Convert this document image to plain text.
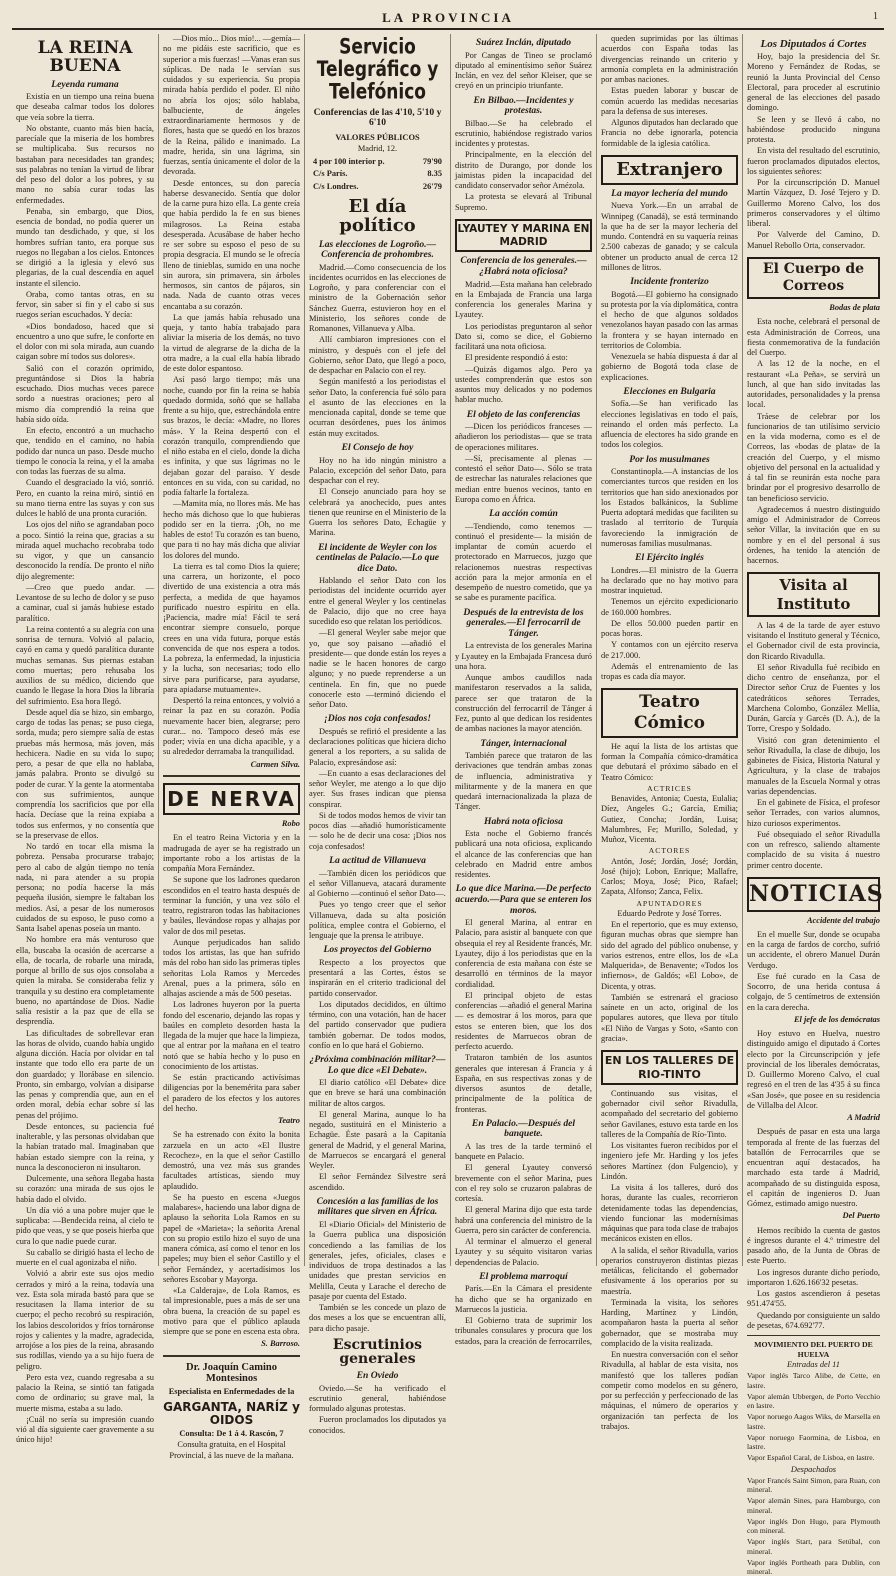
LA PROVINCIA	1
LA REINA BUENA
Leyenda rumana

Existía en un tiempo una reina buena que deseaba calmar todos los dolores que veía sobre la tierra.

No obstante, cuanto más bien hacía, parecíale que la miseria de los hombres se multiplicaba. Sus recursos no bastaban para necesidades tan grandes; sus palabras no tenían la virtud de librar del peso del dolor a los pobres, y su mano no sabía curar todas las enfermedades.

Penaba, sin embargo, que Dios, esencia de bondad, no podía querer un mundo tan desdichado, y que, si los hombres sufrían tanto, era porque sus ruegos no llegaban a los cielos. Entonces se dirigió a la iglesia y elevó sus plegarias, de la cual descendía en aquel instante el silencio.

Oraba, como tantas otras, en su fervor, sin saber si fin y el cabo si sus ruegos serían escuchados. Y decía:

«Dios bondadoso, haced que si encuentro a uno que sufre, le conforte en el dolor con mi sola mirada, aun cuando caigan sobre mí todos sus dolores».

Salió con el corazón oprimido, preguntándose si Dios la habría escuchado. Dios muchas veces parece sordo a nuestras oraciones; pero al mismo día comprendió la reina que había sido oída.

En efecto, encontró a un muchacho que, tendido en el camino, no había podido dar nunca un paso. Desde mucho tiempo le conocía la reina, y el la amaba con todas las fuerzas de su alma.

Cuando el desgraciado la vió, sonrió. Pero, en cuanto la reina miró, sintió en su mano tierna entre las suyas y con sus dulces le habló de una pronta curación.

Los ojos del niño se agrandaban poco a poco. Sintió la reina que, gracias a su mirada aquel muchacho recobraba todo su vigor, y que un cansancio desconocido la rendía. De pronto el niño dijo alegremente:

—Creo que puedo andar. —Levantose de su lecho de dolor y se puso a caminar, cual si jamás hubiese estado paralítico.

La reina contentó a su alegría con una sonrisa de ternura. Volvió al palacio, cayó en cama y quedó paralítica durante muchas semanas. Sus piernas estaban como muertas; pero rehusaba los auxilios de su médico, diciendo que cuando le llegase la hora Dios la libraría del sufrimiento. Esa hora llegó.

Desde aquel día se hizo, sin embargo, cargo de todas las penas; se puso ciega, sorda, muda; pero siempre salía de estas pruebas más hermosa, más joven, más hechicera. Nadie en su vida lo supo; pero, a pesar de que ella no hablaba, jamás palabra. Pronto se divulgó su poder de curar. Y la gente la atormentaba con sus sufrimientos, aunque comprendía los sacrificios que por ella hacía. Decíase que la reina expiaba a todos sus enfermos, y no consentía que se la preservase de ellos.

No tardó en tocar ella misma la pobreza. Pensaba procurarse trabajo; pero al cabo de algún tiempo no tenía nada, ni para atender a su propia persona; no podía hacerse la más pequeña ilusión, siempre le faltaban los medios. Así, a pesar de los numerosos cuidados de su esposo, le puso como a Santa Isabel apenas poseía un manto.

No hombre era más venturoso que ella, buscaba la ocasión de acercarse a ella, de tocarla, de robarle una mirada, porque al brillo de sus ojos consolaba a quien la miraba. Se consideraba feliz y tranquila y su destino era completamente bueno, no apartándose de Dios. Nadie salía resistir a la paz que de ella se desprendía.

Las dificultades de sobrellevar eran las horas de olvido, cuando había ungido alguna dicción. Hacía por olvidar en tal instante que todo ello era parte de un don guardado; y llorábase en silencio. Pronto, sin embargo, volvían a disiparse las penas y comprendía que, aun en el orden moral, debía echar sobre sí las penas del prójimo.

Desde entonces, su paciencia fué inalterable, y las personas olvidaban que la habían tratado mal. Imaginaban que habían estado siempre con la reina, y nunca la desconocieron ni insultaron.

Dulcemente, una señora llegaba hasta su corazón: una mirada de sus ojos le había dado el olvido.

Un día vió a una pobre mujer que le suplicaba: —Bendecida reina, al cielo te pido que veas, y se que poseis hierba que cura lo que nadie puede curar.

Su caballo se dirigió hasta el lecho de muerte en el cual agonizaba el niño.

Volvió a abrir este sus ojos medio cerrados y miró a la reina, todavía una vez. Esta sola mirada bastó para que se resucitasen la llama interior de su cuerpo; el pecho recobró su respiración, los labios descoloridos y fríos tornáronse rojos y calientes y la madre, agradecida, arrojóse a los pies de la reina, abrasando sus rodillas, viendo ya a su hijo fuera de peligro.

Pero esta vez, cuando regresaba a su palacio la Reina, se sintió tan fatigada como de ordinario; su grave mal, la muerte misma, estaba a su lado.

¡Cuál no sería su impresión cuando vió al día siguiente caer gravemente a su único hijo!

—Dios mío... Dios mío!... —gemía— no me pidáis este sacrificio, que es superior a mis fuerzas! —Vanas eran sus súplicas. De nada le servían sus cuidados y su experiencia. Su propia mirada había perdido el poder. El niño no abría los ojos; sólo hablaba, balbuciente, de ángeles extraordinariamente hermosos y de flores, hasta que se quedó en los brazos de la Reina, pálido e inanimado. La madre, herida, sin una lágrima, sin fuerzas, sentía únicamente el dolor de la devorada.

Desde entonces, su don parecía haberse desvanecido. Sentía que dolor de la carne pura hizo ella. La gente creía que había perdido la fe en sus bienes milagrosos. La Reina estaba desesperada. Acusábase de haber hecho re ser sobre su esposo el peso de su propia desgracia. El mundo se le ofrecía lleno de tinieblas, sumido en una noche sin aurora, sin primavera, sin árboles hermosos, sin cantos de pájaros, sin nada. Nada de cuanto otras veces encantaba a su corazón.

La que jamás había rehusado una queja, y tanto había trabajado para aliviar la miseria de los demás, no tuvo la virtud de alegrarse de la dicha de la otra madre, a la cual ella había librado de este dolor espantoso.

Así pasó largo tiempo; más una noche, cuando por fin la reina se había quedado dormida, soñó que se hallaba frente a su hijo, que, estrechándola entre sus brazos, le decía: «Madre, no llores más». Y la Reina despertó con el corazón tranquilo, comprendiendo que el niño estaba en el cielo, donde la dicha es infinita, y que sus lágrimas no le dejaban gozar del paraíso. Y desde entonces en su vida, con su caridad, no podía faltarle la fortaleza.

—Mamita mía, no llores más. Me has hecho más dichoso que lo que hubieras podido ser en la tierra. ¡Oh, no me hables de esto! Tu corazón es tan bueno, que para ti no hay más dicha que aliviar los dolores del mundo.

La tierra es tal como Dios la quiere; una carrera, un horizonte, el poco divertido de una existencia a otra más perfecta, a medida de que hayamos purificado nuestro espíritu en ella. ¡Paciencia, madre mía! Fácil te será encontrar siempre consuelo, porque crees en una vida futura, porque estás convencida de que nos espera a todos. La pobreza, la enfermedad, la injusticia y la lucha, son necesarias; todo ello sirve para purificarse, para ayudarse, para apiadarse mutuamente».

Despertó la reina entonces, y volvió a reinar la paz en su corazón. Podía nuevamente hacer bien, alegrarse; pero curar... no. Tampoco deseó más ese poder; vivía en una dicha apacible, y a su alrededor derramaba la tranquilidad.

Carmen Silva.

DE NERVA

Robo

En el teatro Reina Victoria y en la madrugada de ayer se ha registrado un importante robo a los artistas de la compañía Mora Fernández.

Se supone que los ladrones quedaron escondidos en el teatro hasta después de terminar la función, y una vez sólo el teatro, registraron todas las habitaciones y baúles, llevándose ropas y alhajas por valor de dos mil pesetas.

Aunque perjudicados han salido todos los artistas, las que han sufrido más del robo han sido las primeras tiples señoritas Lola Ramos y Mercedes Arenal, pues a la primera, sólo en alhajas asciende a más de 500 pesetas.

Los ladrones huyeron por la puerta fondo del escenario, dejando las ropas y baúles en completo desorden hasta la llegada de la mujer que hace la limpieza, que al entrar por la mañana en el teatro notó que se había hecho y lo puso en conocimiento de los artistas.

Se están practicando activísimas diligencias por la benemérita para saber el paradero de los efectos y los autores del hecho.

Teatro

Se ha estrenado con éxito la bonita zarzuela en un acto «El Ilustre Recochez», en la que el señor Castillo demostró, una vez más sus grandes facultades artísticas, siendo muy aplaudido.

Se ha puesto en escena «Juegos malabares», haciendo una labor digna de aplauso la señorita Lola Ramos en su papel de «Marieta»; la señorita Arenal con su propio estilo hizo el suyo de una manera cómica, así como el tenor en los papeles; muy bien el señor Castillo y el señor Fernández, y acertadísimos los señores Escobar y Mayorga.

«La Calderaja», de Lola Ramos, es tal impresionable, pues a más de ser una obra buena, la creación de su papel es motivo para que el público aplauda siempre que se pone en escena esta obra.

S. Barroso.

Dr. Joaquín Camino Montesinos

Especialista en Enfermedades de la

GARGANTA, NARÍZ y OIDOS

Consulta: De 1 á 4. Rascón, 7

Consulta gratuita, en el Hospital Provincial, á las nueve de la mañana.

Servicio Telegráfico y Telefónico
Conferencias de las 4'10, 5'10 y 6'10
VALORES PÚBLICOS

Madrid, 12.

4 por 100 interior p.	79'90
C/s París.	8.35
C/s Londres.	26'79
El día político
Las elecciones de Logroño.—Conferencia de prohombres.

Madrid.—Como consecuencia de los incidentes ocurridos en las elecciones de Logroño, y para conferenciar con el ministro de la Gobernación señor Sánchez Guerra, estuvieron hoy en el Ministerio, los señores conde de Romanones, Villanueva y Alba.

Allí cambiaron impresiones con el ministro, y después con el jefe del Gobierno, señor Dato, que llegó a poco, de despachar en Palacio con el rey.

Según manifestó a los periodistas el señor Dato, la conferencia fué sólo para el asunto de las elecciones en la mencionada capital, donde se teme que ocurran desórdenes, pues los ánimos están muy excitados.

El Consejo de hoy

Hoy no ha ido ningún ministro a Palacio, excepción del señor Dato, para despachar con el rey.

El Consejo anunciado para hoy se celebrará ya anochecido, pues antes tienen que reunirse en el Ministerio de la Guerra los señores Dato, Echagüe y Marina.

El incidente de Weyler con los centinelas de Palacio.—Lo que dice Dato.

Hablando el señor Dato con los periodistas del incidente ocurrido ayer entre el general Weyler y los centinelas de Palacio, dijo que no cree haya sucedido eso que relatan los periódicos.

—El general Weyler sabe mejor que yo, que soy paisano —añadió el presidente— que donde están los reyes a nadie se le hacen honores de cargo alguno; y no puede reprenderse a un centinela. En fin, que no puede conocerle esto —terminó diciendo el señor Dato.

¡Dios nos coja confesados!

Después se refirió el presidente a las declaraciones políticas que hiciera dicho general a los reporters, a su salida de Palacio, expresándose así:

—En cuanto a esas declaraciones del señor Weyler, me atengo a lo que dijo ayer. Sus frases indican que piensa conspirar.

Si de todos modos hemos de vivir tan pocos días —añadió humorísticamente— solo he de decir una cosa: ¡Dios nos coja confesados!

La actitud de Villanueva

—También dicen los periódicos que el señor Villanueva, atacará duramente al Gobierno —continuó el señor Dato—.

Pues yo tengo creer que el señor Villanueva, dada su alta posición política, emplee contra el Gobierno, el lenguaje que la prensa le atribuye.

Los proyectos del Gobierno

Respecto a los proyectos que presentará a las Cortes, éstos se inspirarán en el criterio tradicional del partido conservador.

Los diputados decididos, en último término, con una votación, han de hacer del partido conservador que pudiera también gobernar. De todos modos, confío en lo que hará el Gobierno.

¿Próxima combinación militar?—Lo que dice «El Debate».

El diario católico «El Debate» dice que en breve se hará una combinación militar de altos cargos.

El general Marina, aunque lo ha negado, sustituirá en el Ministerio a Echagüe. Éste pasará a la Capitanía general de Madrid, y el general Marina, de Marruecos se encargará el general Weyler.

El señor Fernández Silvestre será ascendido.

Concesión a las familias de los militares que sirven en África.

El «Diario Oficial» del Ministerio de la Guerra publica una disposición concediendo a las familias de los generales, jefes, oficiales, clases e individuos de tropa destinados a las unidades que prestan servicios en Melilla, Ceuta y Larache el derecho de pasaje por cuenta del Estado.

También se les concede un plazo de dos meses a los que se encuentran allí, para dicho pasaje.

Escrutinios generales
En Oviedo

Oviedo.—Se ha verificado el escrutinio general, habiéndose formulado algunas protestas.

Fueron proclamados los diputados ya conocidos.

Suárez Inclán, diputado

Por Cangas de Tineo se proclamó diputado al eminentísimo señor Suárez Inclán, en vez del señor Kleiser, que se creyó en un principio triunfante.

En Bilbao.—Incidentes y protestas.

Bilbao.—Se ha celebrado el escrutinio, habiéndose registrado varios incidentes y protestas.

Principalmente, en la elección del distrito de Durango, por donde los jaimistas piden la incapacidad del candidato conservador señor Amézola.

La protesta se elevará al Tribunal Supremo.

LYAUTEY Y MARINA EN MADRID
Conferencia de los generales.—¿Habrá nota oficiosa?

Madrid.—Esta mañana han celebrado en la Embajada de Francia una larga conferencia los generales Marina y Lyautey.

Los periodistas preguntaron al señor Dato si, como se dice, el Gobierno facilitará una nota oficiosa.

El presidente respondió á esto:

—Quizás digamos algo. Pero ya ustedes comprenderán que estos son asuntos muy delicados y no podemos hablar mucho.

El objeto de las conferencias

—Dicen los periódicos franceses —añadieron los periodistas— que se trata de operaciones militares.

—Sí, precisamente al plenas —contestó el señor Dato—. Sólo se trata de estrechar las naturales relaciones que median entre buenos vecinos, tanto en Europa como en África.

La acción común

—Tendiendo, como tenemos —continuó el presidente— la misión de implantar de común acuerdo el protectorado en Marruecos, juzgo que relacionemos nuestras respectivas acción para la mejor armonía en el desempeño de nuestro cometido, que ya se sabe es puramente pacífica.

Después de la entrevista de los generales.—El ferrocarril de Tánger.

La entrevista de los generales Marina y Lyautey en la Embajada Francesa duró una hora.

Aunque ambos caudillos nada manifestaron reservados a la salida, parece ser que trataron de la construcción del ferrocarril de Tánger á Fez, punto al que dedican los residentes de ambas naciones la mayor atención.

Tánger, internacional

También parece que trataron de las derivaciones que tendrán ambas zonas de influencia, administrativa y militarmente y de la manera en que quedará internacionalizada la plaza de Tánger.

Habrá nota oficiosa

Esta noche el Gobierno francés publicará una nota oficiosa, explicando el alcance de las conferencias que han celebrado en Madrid entre ambos residentes.

Lo que dice Marina.—De perfecto acuerdo.—Para que se enteren los moros.

El general Marina, al entrar en Palacio, para asistir al banquete con que obsequia el rey al Residente francés, Mr. Lyautey, dijo á los periodistas que en la conferencia de esta mañana con éste se desarrolló en términos de la mayor cordialidad.

El principal objeto de estas conferencias —añadió el general Marina— es demostrar á los moros, para que estos se enteren bien, que los dos residentes de Marruecos obran de perfecto acuerdo.

Trataron también de los asuntos generales que interesan á Francia y á España, en sus respectivas zonas y de diversos asuntos de detalle, principalmente de la política de fronteras.

En Palacio.—Después del banquete.

A las tres de la tarde terminó el banquete en Palacio.

El general Lyautey conversó brevemente con el señor Marina, pues con el rey solo se cruzaron palabras de cortesía.

El general Marina dijo que esta tarde habrá una conferencia del ministro de la Guerra, pero sin carácter de conferencia.

Al terminar el almuerzo el general Lyautey y su séquito visitaron varias dependencias de Palacio.

El problema marroquí

París.—En la Cámara el presidente ha dicho que se ha organizado en Marruecos la justicia.

El Gobierno trata de suprimir los tribunales consulares y procura que los estados, para la creación de ferrocarriles,

queden suprimidas por las últimas acuerdos con España todas las divergencias reinando un criterio y armonía completa en la administración por ambas naciones.

Estas pueden laborar y buscar de común acuerdo las medidas necesarias para la defensa de sus intereses.

Algunos diputados han declarado que Francia no debe ignorarla, potencia formidable de la iglesia católica.

Extranjero
La mayor lechería del mundo

Nueva York.—En un arrabal de Winnipeg (Canadá), se está terminando la que ha de ser la mayor lechería del mundo. Contendrá en su vaquería reinas 2.500 cabezas de ganado; y se calcula obtener un producto anual de cerca 12 millones de litros.

Incidente fronterizo

Bogotá.—El gobierno ha consignado su protesta por la vía diplomática, contra el hecho de que algunos soldados venezolanos hayan pasado con las armas la frontera y se hayan internado en territorios de Colombia.

Venezuela se había dispuesta á dar al gobierno de Bogotá toda clase de explicaciones.

Elecciones en Bulgaria

Sofía.—Se han verificado las elecciones legislativas en todo el país, reinando el orden más perfecto. La afluencia de electores ha sido grande en todos los colegios.

Por los musulmanes

Constantinopla.—A instancias de los comerciantes turcos que residen en los territorios que han sido anexionados por los Estados balkánicos, la Sublime Puerta adoptará medidas que faciliten su traslado al territorio de Turquía favoreciendo la inmigración de numerosas familias musulmanas.

El Ejército inglés

Londres.—El ministro de la Guerra ha declarado que no hay motivo para mostrar inquietud.

Tenemos un ejército expedicionario de 160.000 hombres.

De ellos 50.000 pueden partir en pocas horas.

Y contamos con un ejército reserva de 217.000.

Además el entrenamiento de las tropas es cada día mayor.

Teatro Cómico

He aquí la lista de los artistas que forman la Compañía cómico-dramática que debutará el próximo sábado en el Teatro Cómico:

ACTRICES

Benavides, Antonia; Cuesta, Eulalia; Díez, Angeles G.; García, Emilia; Gutiez, Concha; Jordán, Luisa; Malumbres, Fe; Murillo, Soledad, y Muñoz, Vicenta.

ACTORES

Antón, José; Jordán, José; Jordán, José (hijo); Lobon, Enrique; Mallafre, Carlos; Moya, José; Pico, Rafael; Zapata, Alfonso; Zanca, Felix.

APUNTADORES

Eduardo Pedrote y José Torres.

En el repertorio, que es muy extenso, figuran muchas obras que siempre han sido del agrado del público onubense, y varios estrenos, entre ellos, los de «La Malquerida», de Benavente; «Todos los infiernos», de Galdós; «El Lobo», de Dicenta, y otras.

También se estrenará el gracioso saínete en un acto, original de los populares autores, que lleva por título «El Niño de Vargas y Soto, «Santo con gracia».

EN LOS TALLERES DE RIO-TINTO

Continuando sus visitas, el gobernador civil señor Rivadulla, acompañado del secretario del gobierno señor Gavilanes, estuvo esta tarde en los talleres de la Compañía de Río-Tinto.

Los visitantes fueron recibidos por el ingeniero jefe Mr. Harding y los jefes señores Martínez (don Fulgencio), y Lindón.

La visita á los talleres, duró dos horas, durante las cuales, recorrieron detenidamente todas las dependencias, viendo funcionar las modernísimas máquinas que para toda clase de trabajos mecánicos existen en ellos.

A la salida, el señor Rivadulla, varios operarios construyeron distintas piezas metálicas, felicitando el gobernador efusivamente á los operarios por su maestría.

Terminada la visita, los señores Harding, Martínez y Lindón, acompañaron hasta la puerta al señor gobernador, que se mostraba muy complacido de la visita realizada.

En nuestra conversación con el señor Rivadulla, al hablar de esta visita, nos manifestó que los talleres podían competir como modelos en su género, por su perfección y perfeccionado de las máquinas, el número de operarios y organización tan perfecta de los trabajos.

Los Diputados á Cortes

Hoy, bajo la presidencia del Sr. Moreno y Fernández de Rodas, se reunió la Junta Provincial del Censo Electoral, para proceder al escrutinio general de las elecciones del pasado domingo.

Se leen y se llevó á cabo, no habiéndose producido ninguna protesta.

En vista del resultado del escrutinio, fueron proclamados diputados electos, los siguientes señores:

Por la circunscripción D. Manuel Martín Vázquez, D. José Tejero y D. Guillermo Moreno Calvo, los dos primeros conservadores y el último liberal.

Por Valverde del Camino, D. Manuel Rebollo Orta, conservador.

El Cuerpo de Correos

Bodas de plata

Esta noche, celebrará el personal de esta Administración de Correos, una fiesta conmemorativa de la fundación del Cuerpo.

A las 12 de la noche, en el restaurant «La Peña», se servirá un lunch, al que han sido invitadas las autoridades, personalidades y la prensa local.

Tráese de celebrar por los funcionarios de tan utilísimo servicio en la vida moderna, como es el de Correos, las «bodas de plata» de la creación del Cuerpo, y el mismo objetivo del personal en la actualidad y á tal fin se reunirán esta noche para brindar por el progresivo desarrollo de tan beneficioso servicio.

Agradecemos á nuestro distinguido amigo el Administrador de Correos señor Villar, la invitación que en su nombre y en el del personal á sus órdenes, ha tenido la atención de hacernos.

Visita al Instituto

A las 4 de la tarde de ayer estuvo visitando el Instituto general y Técnico, el Gobernador civil de esta provincia, don Ricardo Rivadulla.

El señor Rivadulla fué recibido en dicho centro de enseñanza, por el Director señor Cruz de Fuentes y los catedráticos señores Terrades, Marchena Colombo, González Mellía, Durán, García y Garcés (D. A.), de la Torre, Crespo y Soldado.

Visitó con gran detenimiento el señor Rivadulla, la clase de dibujo, los gabinetes de Física, Historia Natural y Agricultura, y la clase de trabajos manuales de la Escuela Normal y otras varias dependencias.

En el gabinete de Física, el profesor señor Terrades, con varios alumnos, hizo curiosos experimentos.

Fué obsequiado el señor Rivadulla con un refresco, saliendo altamente complacido de su visita á nuestro primer centro docente.

NOTICIAS

Accidente del trabajo

En el muelle Sur, donde se ocupaba en la carga de fardos de corcho, sufrió un accidente, el obrero Manuel Durán Verdugo.

Ese fué curado en la Casa de Socorro, de una herida contusa á colgajo, de 5 centímetros de extensión en la cara derecha.

El jefe de los demócratas

Hoy estuvo en Huelva, nuestro distinguido amigo el diputado á Cortes electo por la Circunscripción y jefe provincial de los liberales demócratas, D. Guillermo Moreno Calvo, el cual regresó en el tren de las 4'35 á su finca «San José», que posee en su residencia de Villalba del Alcor.

A Madrid

Después de pasar en esta una larga temporada al frente de las fuerzas del batallón de Ferrocarriles que se encuentran aquí destacados, ha marchado esta tarde á Madrid, acompañado de su distinguida esposa, el capitán de ingenieros D. Juan Gómez, estimado amigo nuestro.

Del Puerto

Hemos recibido la cuenta de gastos é ingresos durante el 4.º trimestre del pasado año, de la Junta de Obras de este Puerto.

Los ingresos durante dicho período, importaron 1.626.166'32 pesetas.

Los gastos ascendieron á pesetas 951.474'55.

Quedando por consiguiente un saldo de pesetas, 674.692'77.

MOVIMIENTO DEL PUERTO DE HUELVA

Entradas del 11

Vapor inglés Tarco Alibe, de Cette, en lastre.

Vapor alemán Ubbergen, de Porto Vecchio en lastre.

Vapor noruego Aagos Wiks, de Marsella en lastre.

Vapor noruego Faormina, de Lisboa, en lastre.

Vapor Español Caral, de Lisboa, en lastre.

Despachados

Vapor Francés Saint Simon, para Ruan, con mineral.

Vapor alemán Sines, para Hamburgo, con mineral.

Vapor inglés Don Hugo, para Plymouth con mineral.

Vapor inglés Start, para Setúbal, con mineral.

Vapor inglés Portheath para Dublin, con mineral.
